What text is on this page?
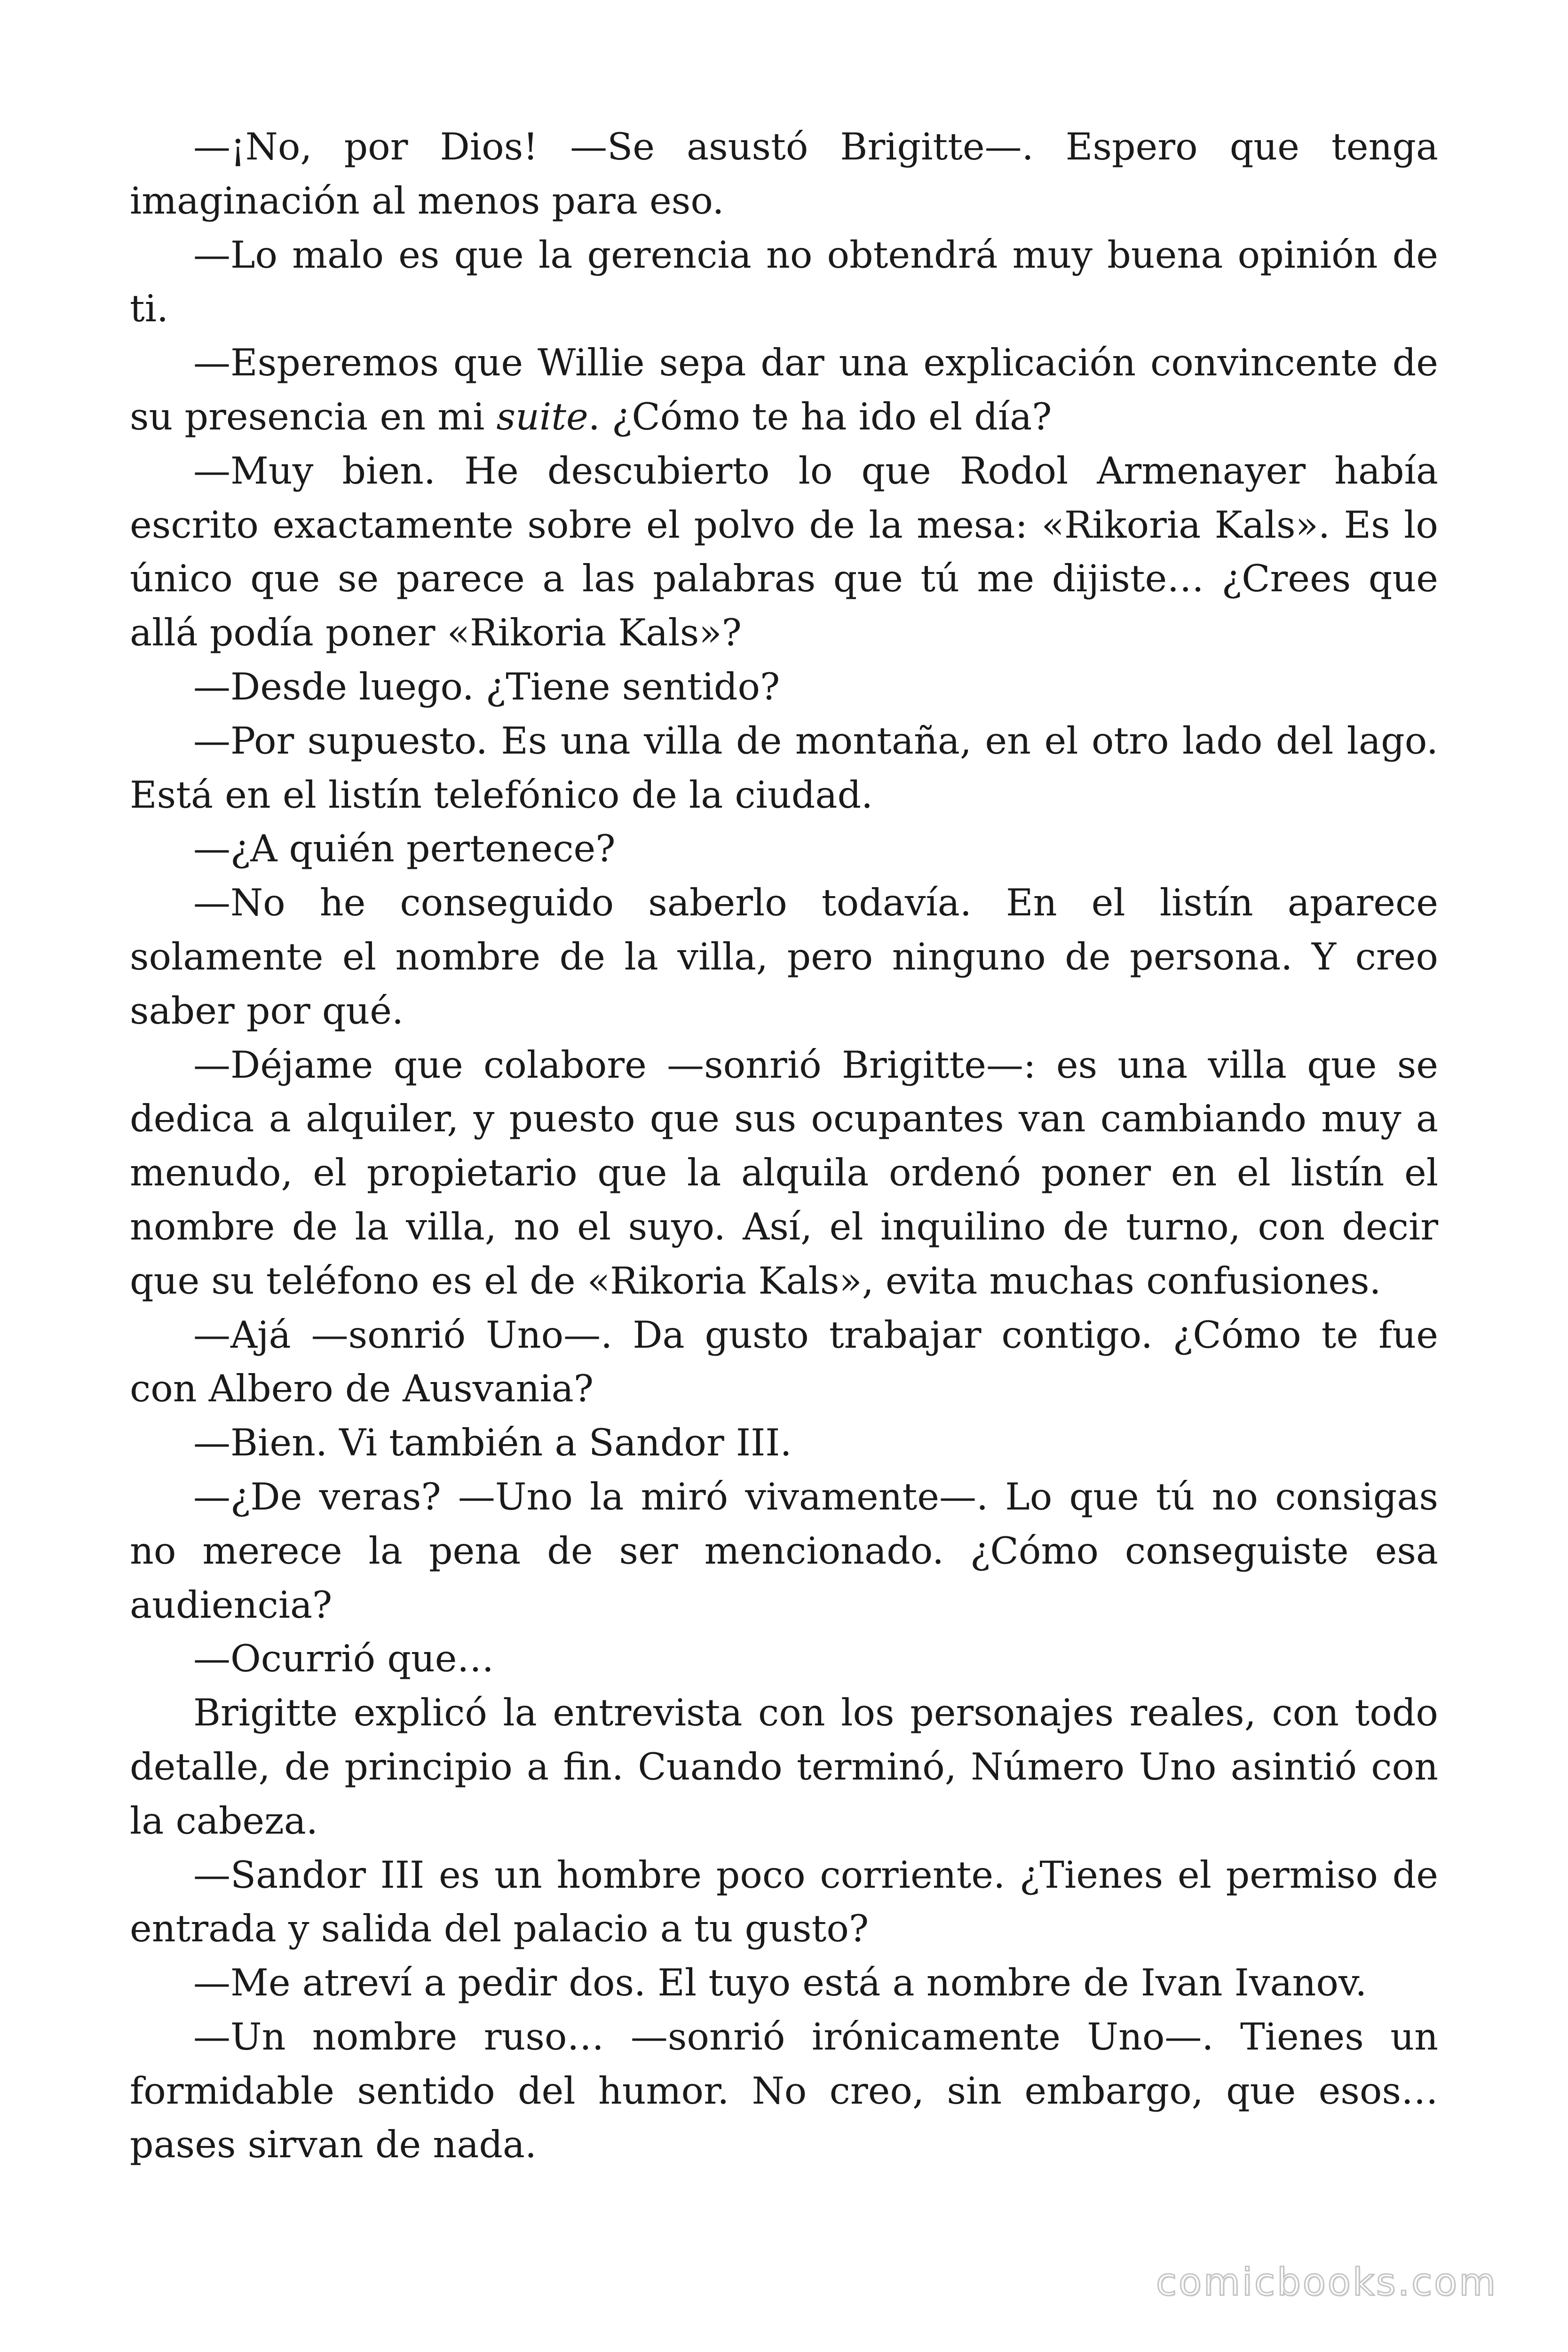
—¡No, por Dios! —Se asustó Brigitte—. Espero que tenga imaginación al menos para eso.

—Lo malo es que la gerencia no obtendrá muy buena opinión de ti.

—Esperemos que Willie sepa dar una explicación convincente de su presencia en mi suite. ¿Cómo te ha ido el día?

—Muy bien. He descubierto lo que Rodol Armenayer había escrito exactamente sobre el polvo de la mesa: «Rikoria Kals». Es lo único que se parece a las palabras que tú me dijiste… ¿Crees que allá podía poner «Rikoria Kals»?

—Desde luego. ¿Tiene sentido?

—Por supuesto. Es una villa de montaña, en el otro lado del lago. Está en el listín telefónico de la ciudad.

—¿A quién pertenece?

—No he conseguido saberlo todavía. En el listín aparece solamente el nombre de la villa, pero ninguno de persona. Y creo saber por qué.

—Déjame que colabore —sonrió Brigitte—: es una villa que se dedica a alquiler, y puesto que sus ocupantes van cambiando muy a menudo, el propietario que la alquila ordenó poner en el listín el nombre de la villa, no el suyo. Así, el inquilino de turno, con decir que su teléfono es el de «Rikoria Kals», evita muchas confusiones.

—Ajá —sonrió Uno—. Da gusto trabajar contigo. ¿Cómo te fue con Albero de Ausvania?

—Bien. Vi también a Sandor III.

—¿De veras? —Uno la miró vivamente—. Lo que tú no consigas no merece la pena de ser mencionado. ¿Cómo conseguiste esa audiencia?

—Ocurrió que…

Brigitte explicó la entrevista con los personajes reales, con todo detalle, de principio a fin. Cuando terminó, Número Uno asintió con la cabeza.

—Sandor III es un hombre poco corriente. ¿Tienes el permiso de entrada y salida del palacio a tu gusto?

—Me atreví a pedir dos. El tuyo está a nombre de Ivan Ivanov.

—Un nombre ruso… —sonrió irónicamente Uno—. Tienes un formidable sentido del humor. No creo, sin embargo, que esos… pases sirvan de nada.

comicbooks.com
